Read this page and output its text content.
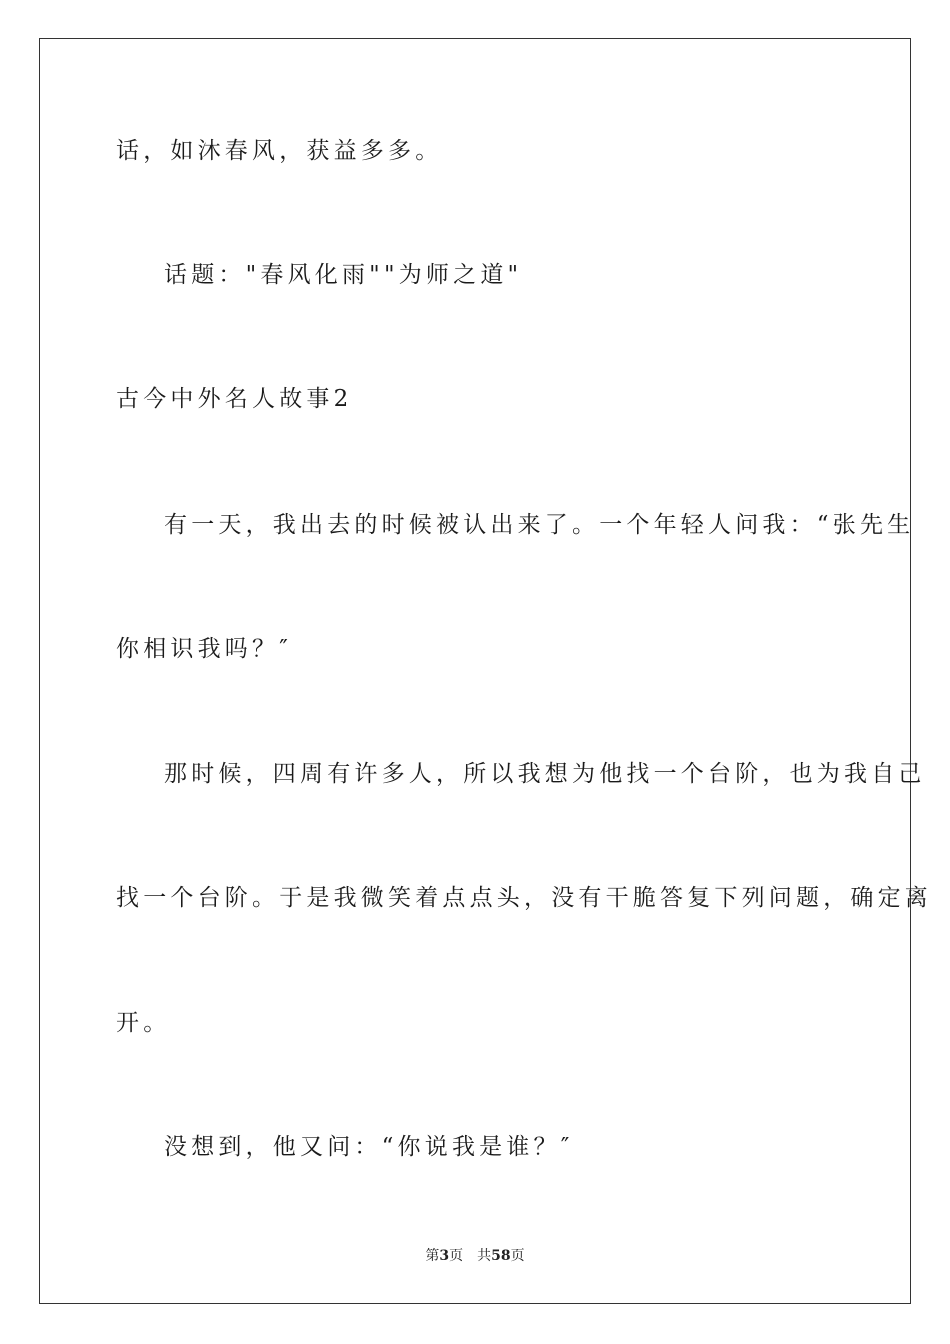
话，如沐春风，获益多多。

话题："春风化雨""为师之道"

古今中外名人故事2

有一天，我出去的时候被认出来了。一个年轻人问我：“张先生

你相识我吗？″

那时候，四周有许多人，所以我想为他找一个台阶，也为我自己

找一个台阶。于是我微笑着点点头，没有干脆答复下列问题，确定离

开。

没想到，他又问：“你说我是谁？″

第3页 共58页
